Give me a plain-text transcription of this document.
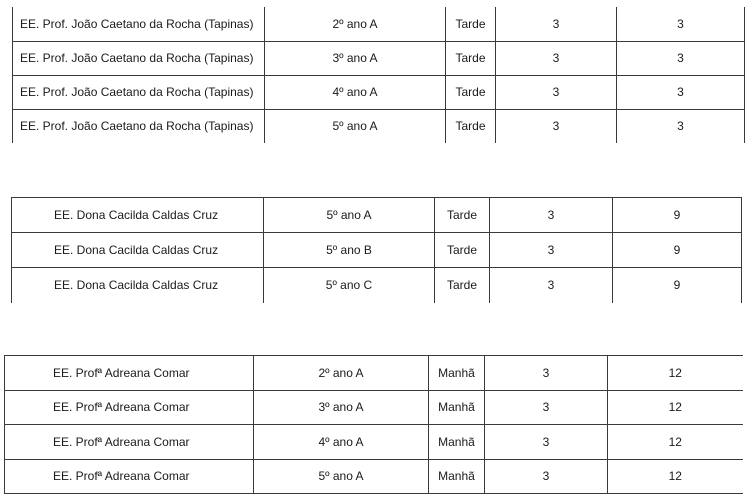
EE. Prof. João Caetano da Rocha (Tapinas)	2º ano A	Tarde	3	3
EE. Prof. João Caetano da Rocha (Tapinas)	3º ano A	Tarde	3	3
EE. Prof. João Caetano da Rocha (Tapinas)	4º ano A	Tarde	3	3
EE. Prof. João Caetano da Rocha (Tapinas)	5º ano A	Tarde	3	3
EE. Dona Cacilda Caldas Cruz	5º ano A	Tarde	3	9
EE. Dona Cacilda Caldas Cruz	5º ano B	Tarde	3	9
EE. Dona Cacilda Caldas Cruz	5º ano C	Tarde	3	9
EE. Profª Adreana Comar	2º ano A	Manhã	3	12
EE. Profª Adreana Comar	3º ano A	Manhã	3	12
EE. Profª Adreana Comar	4º ano A	Manhã	3	12
EE. Profª Adreana Comar	5º ano A	Manhã	3	12
